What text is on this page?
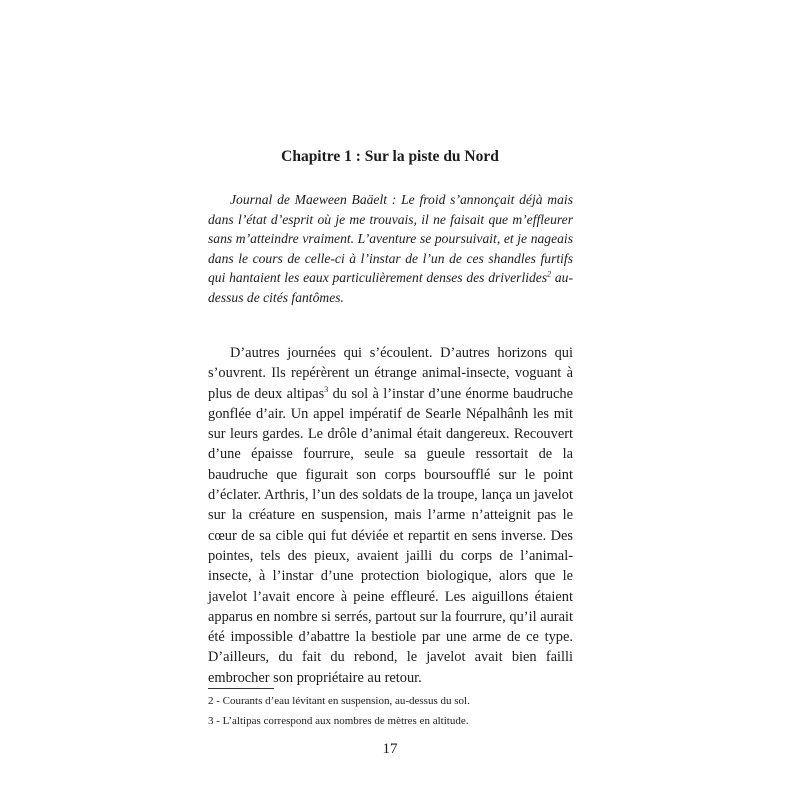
Chapitre 1 : Sur la piste du Nord

Journal de Maeween Baäelt : Le froid s’annonçait déjà mais dans l’état d’esprit où je me trouvais, il ne faisait que m’effleurer sans m’atteindre vraiment. L’aventure se poursuivait, et je nageais dans le cours de celle-ci à l’instar de l’un de ces shandles furtifs qui hantaient les eaux particulièrement denses des driverlides$^2$ au-dessus de cités fantômes.

D’autres journées qui s’écoulent. D’autres horizons qui s’ouvrent. Ils repérèrent un étrange animal-insecte, voguant à plus de deux altipas$^3$ du sol à l’instar d’une énorme baudruche gonflée d’air. Un appel impératif de Searle Népalhânh les mit sur leurs gardes. Le drôle d’animal était dangereux. Recouvert d’une épaisse fourrure, seule sa gueule ressortait de la baudruche que figurait son corps boursoufflé sur le point d’éclater. Arthris, l’un des soldats de la troupe, lança un javelot sur la créature en suspension, mais l’arme n’atteignit pas le cœur de sa cible qui fut déviée et repartit en sens inverse. Des pointes, tels des pieux, avaient jailli du corps de l’animal-insecte, à l’instar d’une protection biologique, alors que le javelot l’avait encore à peine effleuré. Les aiguillons étaient apparus en nombre si serrés, partout sur la fourrure, qu’il aurait été impossible d’abattre la bestiole par une arme de ce type. D’ailleurs, du fait du rebond, le javelot avait bien failli embrocher son propriétaire au retour.

2 - Courants d’eau lévitant en suspension, au-dessus du sol.

3 - L’altipas correspond aux nombres de mètres en altitude.

17
